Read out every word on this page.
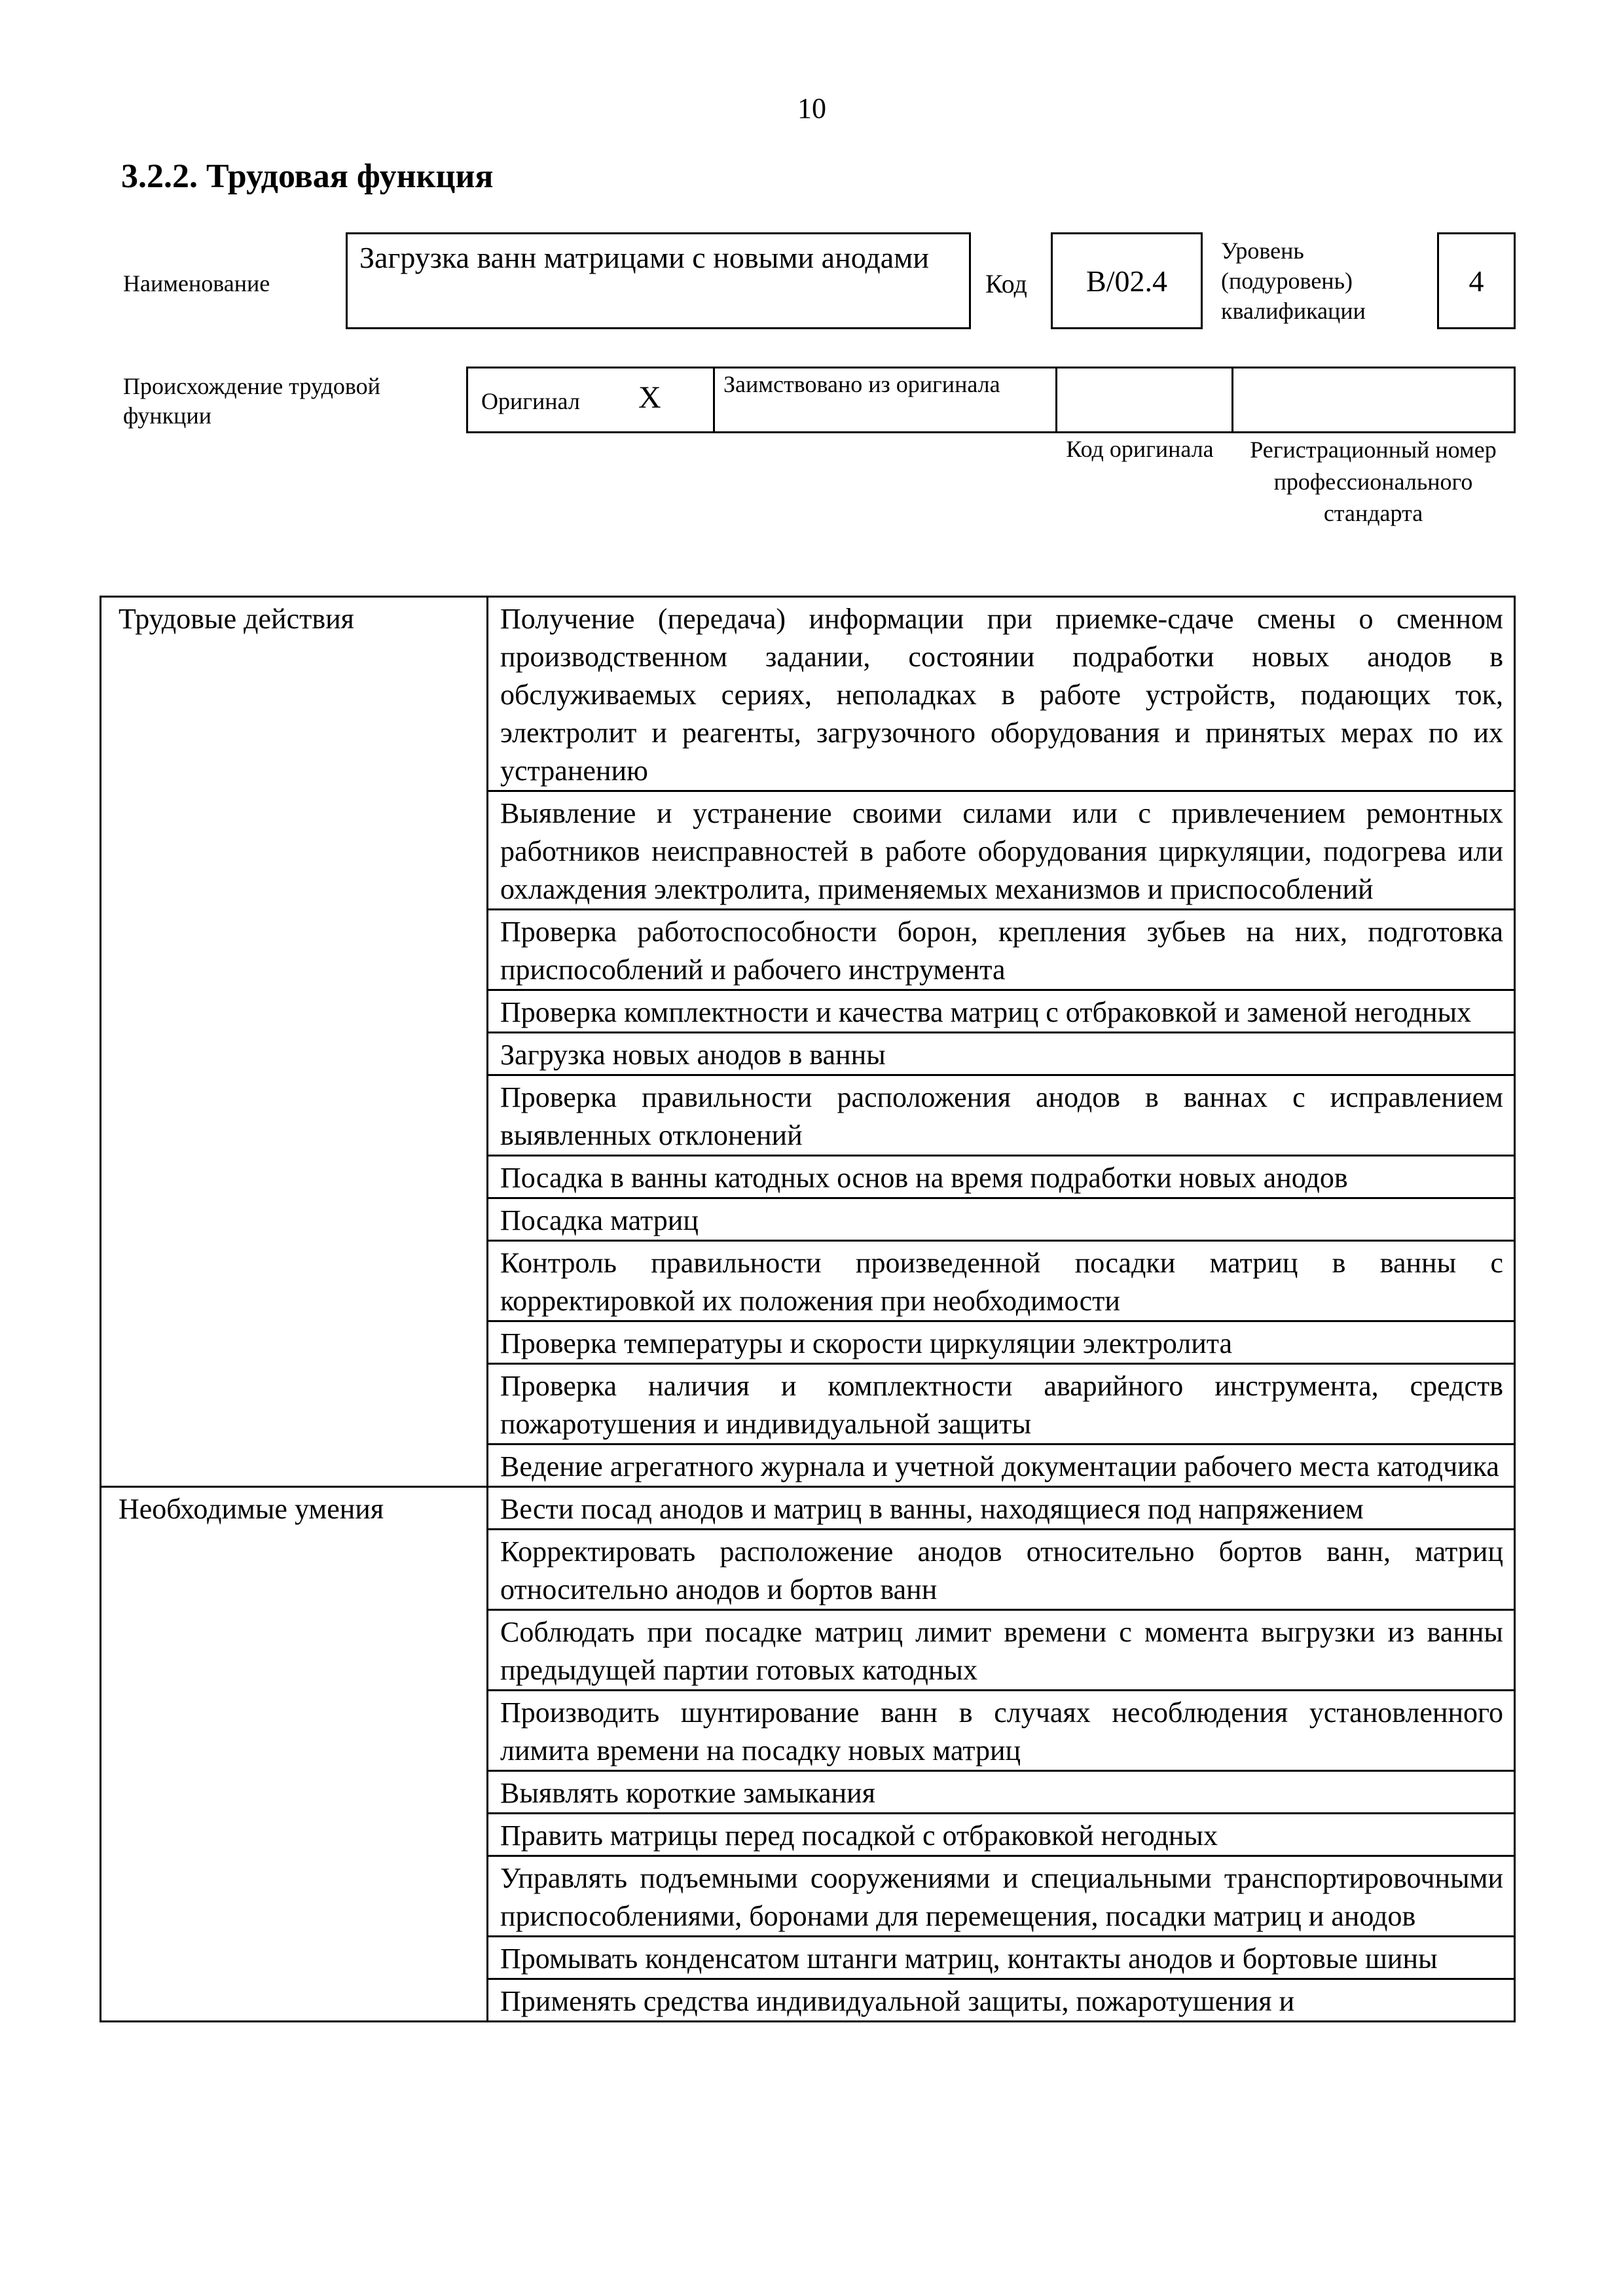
10
3.2.2. Трудовая функция
Наименование
Загрузка ванн матрицами с новыми анодами
Код B/02.4
Уровень (подуровень) квалификации
4
Происхождение трудовой функции
Оригинал X	Заимствовано из оригинала
Код оригинала	Регистрационный номер профессионального стандарта
Трудовые действия	Получение (передача) информации при приемке-сдаче смены о сменном производственном задании, состоянии подработки новых анодов в обслуживаемых сериях, неполадках в работе устройств, подающих ток, электролит и реагенты, загрузочного оборудования и принятых мерах по их устранению
	Выявление и устранение своими силами или с привлечением ремонтных работников неисправностей в работе оборудования циркуляции, подогрева или охлаждения электролита, применяемых механизмов и приспособлений
	Проверка работоспособности борон, крепления зубьев на них, подготовка приспособлений и рабочего инструмента
	Проверка комплектности и качества матриц с отбраковкой и заменой негодных
	Загрузка новых анодов в ванны
	Проверка правильности расположения анодов в ваннах с исправлением выявленных отклонений
	Посадка в ванны катодных основ на время подработки новых анодов
	Посадка матриц
	Контроль правильности произведенной посадки матриц в ванны с корректировкой их положения при необходимости
	Проверка температуры и скорости циркуляции электролита
	Проверка наличия и комплектности аварийного инструмента, средств пожаротушения и индивидуальной защиты
	Ведение агрегатного журнала и учетной документации рабочего места катодчика

Необходимые умения	Вести посад анодов и матриц в ванны, находящиеся под напряжением
	Корректировать расположение анодов относительно бортов ванн, матриц относительно анодов и бортов ванн
	Соблюдать при посадке матриц лимит времени с момента выгрузки из ванны предыдущей партии готовых катодных
	Производить шунтирование ванн в случаях несоблюдения установленного лимита времени на посадку новых матриц
	Выявлять короткие замыкания
	Править матрицы перед посадкой с отбраковкой негодных
	Управлять подъемными сооружениями и специальными транспортировочными приспособлениями, боронами для перемещения, посадки матриц и анодов
	Промывать конденсатом штанги матриц, контакты анодов и бортовые шины
	Применять средства индивидуальной защиты, пожаротушения и
